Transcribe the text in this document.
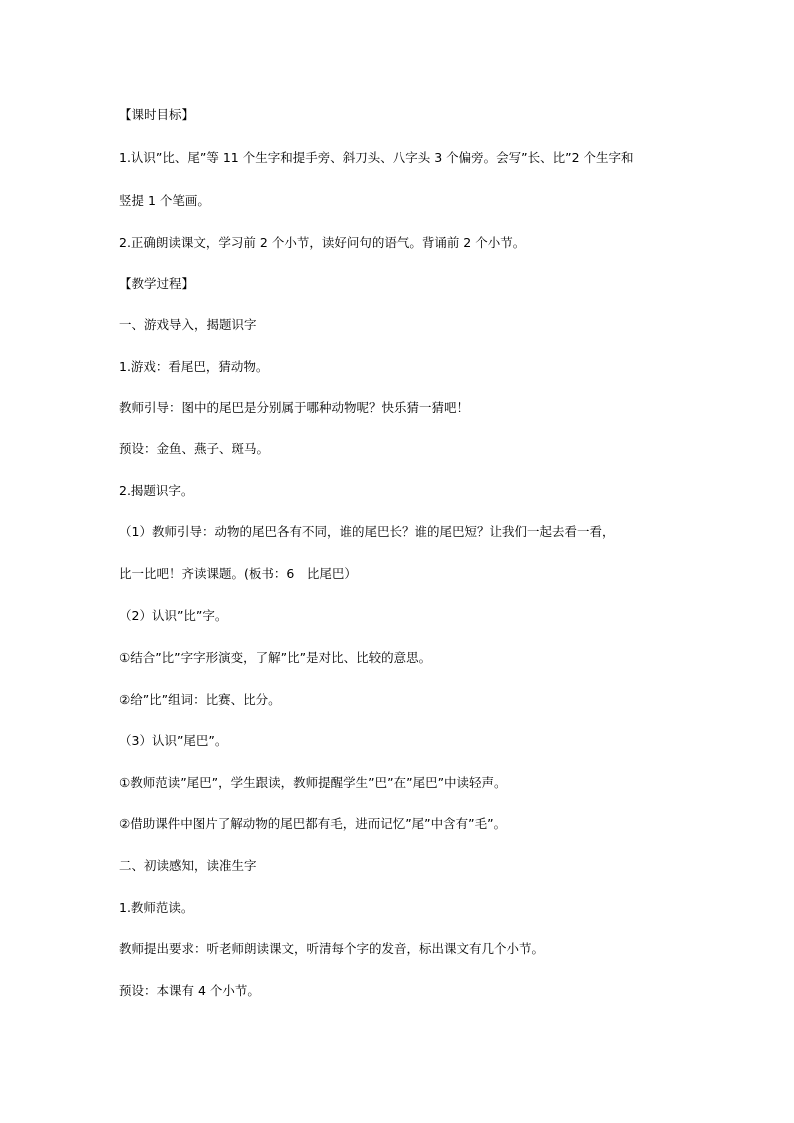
【课时目标】
1.认识”比、尾”等 11 个生字和提手旁、斜刀头、八字头 3 个偏旁。会写”长、比”2 个生字和
竖提 1 个笔画。
2.正确朗读课文，学习前 2 个小节，读好问句的语气。背诵前 2 个小节。
【教学过程】
一、游戏导入，揭题识字
1.游戏：看尾巴，猜动物。
教师引导：图中的尾巴是分别属于哪种动物呢？快乐猜一猜吧！
预设：金鱼、燕子、斑马。
2.揭题识字。
（1）教师引导：动物的尾巴各有不同，谁的尾巴长？谁的尾巴短？让我们一起去看一看，
比一比吧！齐读课题。(板书：6　比尾巴）
（2）认识”比”字。
①结合”比”字字形演变，了解”比”是对比、比较的意思。
②给”比”组词：比赛、比分。
（3）认识”尾巴”。
①教师范读”尾巴”，学生跟读，教师提醒学生”巴”在”尾巴”中读轻声。
②借助课件中图片了解动物的尾巴都有毛，进而记忆”尾”中含有”毛”。
二、初读感知，读准生字
1.教师范读。
教师提出要求：听老师朗读课文，听清每个字的发音，标出课文有几个小节。
预设：本课有 4 个小节。
